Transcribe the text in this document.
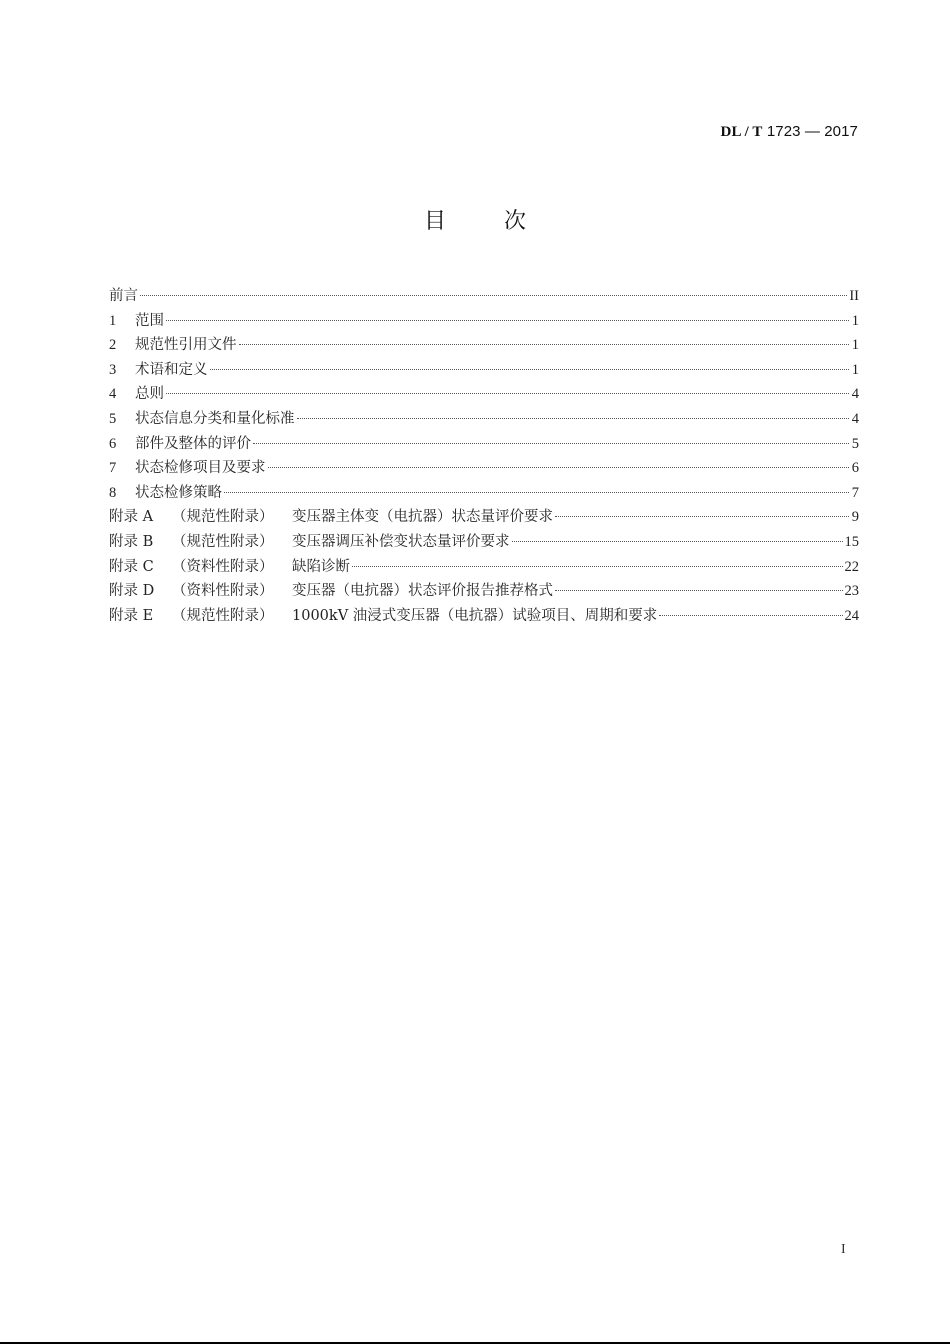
DL / T 1723 — 2017
目	次
前言	II
1	范围	1
2	规范性引用文件	1
3	术语和定义	1
4	总则	4
5	状态信息分类和量化标准	4
6	部件及整体的评价	5
7	状态检修项目及要求	6
8	状态检修策略	7
附录 A	（规范性附录）	变压器主体变（电抗器）状态量评价要求	9
附录 B	（规范性附录）	变压器调压补偿变状态量评价要求	15
附录 C	（资料性附录）	缺陷诊断	22
附录 D	（资料性附录）	变压器（电抗器）状态评价报告推荐格式	23
附录 E	（规范性附录）	1000kV 油浸式变压器（电抗器）试验项目、周期和要求	24
I
